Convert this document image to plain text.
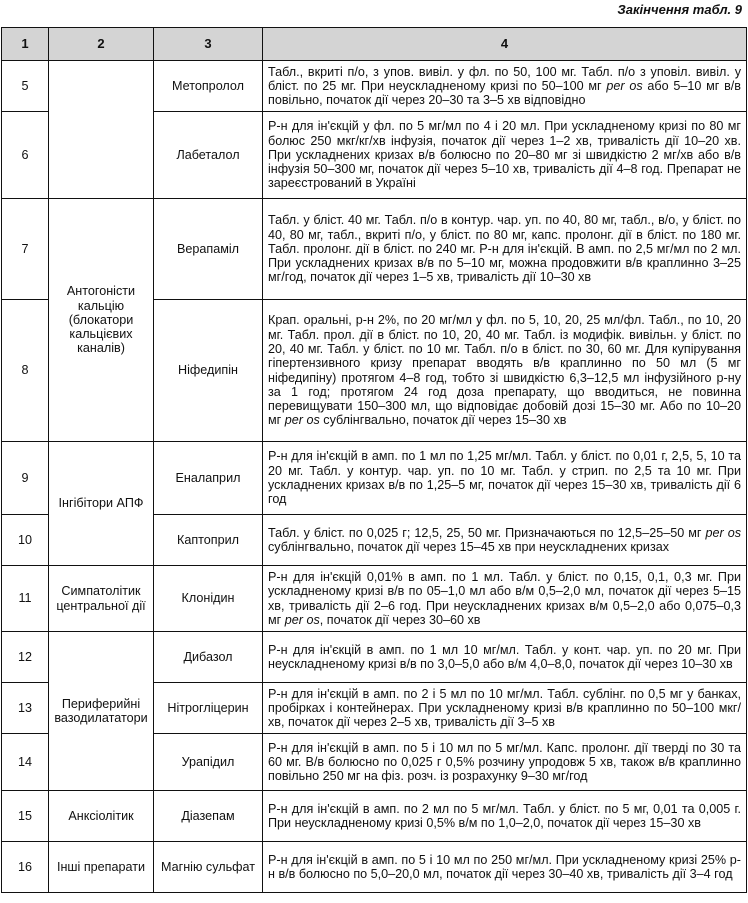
Закінчення табл. 9
1	2	3	4
5		Метопролол	Табл., вкриті п/о, з упов. вивіл. у фл. по 50, 100 мг. Табл. п/о з уповіл. вивіл. у бліст. по 25 мг. При неускладненому кризі по 50–100 мг per os або 5–10 мг в/в повільно, початок дії через 20–30 та 3–5 хв відповідно
6		Лабеталол	Р-н для ін'єкцій у фл. по 5 мг/мл по 4 і 20 мл. При ускладненому кризі по 80 мг болюс 250 мкг/кг/хв інфузія, початок дії через 1–2 хв, тривалість дії 10–20 хв. При ускладнених кризах в/в болюсно по 20–80 мг зі швидкістю 2 мг/хв або в/в інфузія 50–300 мг, початок дії через 5–10 хв, тривалість дії 4–8 год. Препарат не зареєстрований в Україні
7	Антогоністи кальцію (блокатори кальцієвих каналів)	Верапаміл	Табл. у бліст. 40 мг. Табл. п/о в контур. чар. уп. по 40, 80 мг, табл., в/о, у бліст. по 40, 80 мг, табл., вкриті п/о, у бліст. по 80 мг, капс. пролонг. дії в бліст. по 180 мг. Табл. пролонг. дії в бліст. по 240 мг. Р-н для ін'єкцій. В амп. по 2,5 мг/мл по 2 мл. При ускладнених кризах в/в по 5–10 мг, можна продовжити в/в краплинно 3–25 мг/год, початок дії через 1–5 хв, тривалість дії 10–30 хв
8		Ніфедипін	Крап. оральні, р-н 2%, по 20 мг/мл у фл. по 5, 10, 20, 25 мл/фл. Табл., по 10, 20 мг. Табл. прол. дії в бліст. по 10, 20, 40 мг. Табл. із модифік. вивільн. у бліст. по 20, 40 мг. Табл. у бліст. по 10 мг. Табл. п/о в бліст. по 30, 60 мг. Для купірування гіпертензивного кризу препарат вводять в/в краплинно по 50 мл (5 мг ніфедипіну) протягом 4–8 год, тобто зі швидкістю 6,3–12,5 мл інфузійного р-ну за 1 год; протягом 24 год доза препарату, що вводиться, не повинна перевищувати 150–300 мл, що відповідає добовій дозі 15–30 мг. Або по 10–20 мг per os сублінгвально, початок дії через 15–30 хв
9	Інгібітори АПФ	Еналаприл	Р-н для ін'єкцій в амп. по 1 мл по 1,25 мг/мл. Табл. у бліст. по 0,01 г, 2,5, 5, 10 та 20 мг. Табл. у контур. чар. уп. по 10 мг. Табл. у стрип. по 2,5 та 10 мг. При ускладнених кризах в/в по 1,25–5 мг, початок дії через 15–30 хв, тривалість дії 6 год
10		Каптоприл	Табл. у бліст. по 0,025 г; 12,5, 25, 50 мг. Призначаються по 12,5–25–50 мг per os сублінгвально, початок дії через 15–45 хв при неускладнених кризах
11	Симпатолітик центральної дії	Клонідин	Р-н для ін'єкцій 0,01% в амп. по 1 мл. Табл. у бліст. по 0,15, 0,1, 0,3 мг. При ускладненому кризі в/в по 05–1,0 мл або в/м 0,5–2,0 мл, початок дії через 5–15 хв, тривалість дії 2–6 год. При неускладнених кризах в/м 0,5–2,0 або 0,075–0,3 мг per os, початок дії через 30–60 хв
12	Периферийні вазодилататори	Дибазол	Р-н для ін'єкцій в амп. по 1 мл 10 мг/мл. Табл. у конт. чар. уп. по 20 мг. При неускладненому кризі в/в по 3,0–5,0 або в/м 4,0–8,0, початок дії через 10–30 хв
13		Нітрогліцерин	Р-н для ін'єкцій в амп. по 2 і 5 мл по 10 мг/мл. Табл. сублінг. по 0,5 мг у банках, пробірках і контейнерах. При ускладненому кризі в/в краплинно по 50–100 мкг/хв, початок дії через 2–5 хв, тривалість дії 3–5 хв
14		Урапідил	Р-н для ін'єкцій в амп. по 5 і 10 мл по 5 мг/мл. Капс. пролонг. дії тверді по 30 та 60 мг. В/в болюсно по 0,025 г 0,5% розчину упродовж 5 хв, також в/в краплинно повільно 250 мг на фіз. розч. із розрахунку 9–30 мг/год
15	Анксіолітик	Діазепам	Р-н для ін'єкцій в амп. по 2 мл по 5 мг/мл. Табл. у бліст. по 5 мг, 0,01 та 0,005 г. При неускладненому кризі 0,5% в/м по 1,0–2,0, початок дії через 15–30 хв
16	Інші препарати	Магнію сульфат	Р-н для ін'єкцій в амп. по 5 і 10 мл по 250 мг/мл. При ускладненому кризі 25% р-н в/в болюсно по 5,0–20,0 мл, початок дії через 30–40 хв, тривалість дії 3–4 год
